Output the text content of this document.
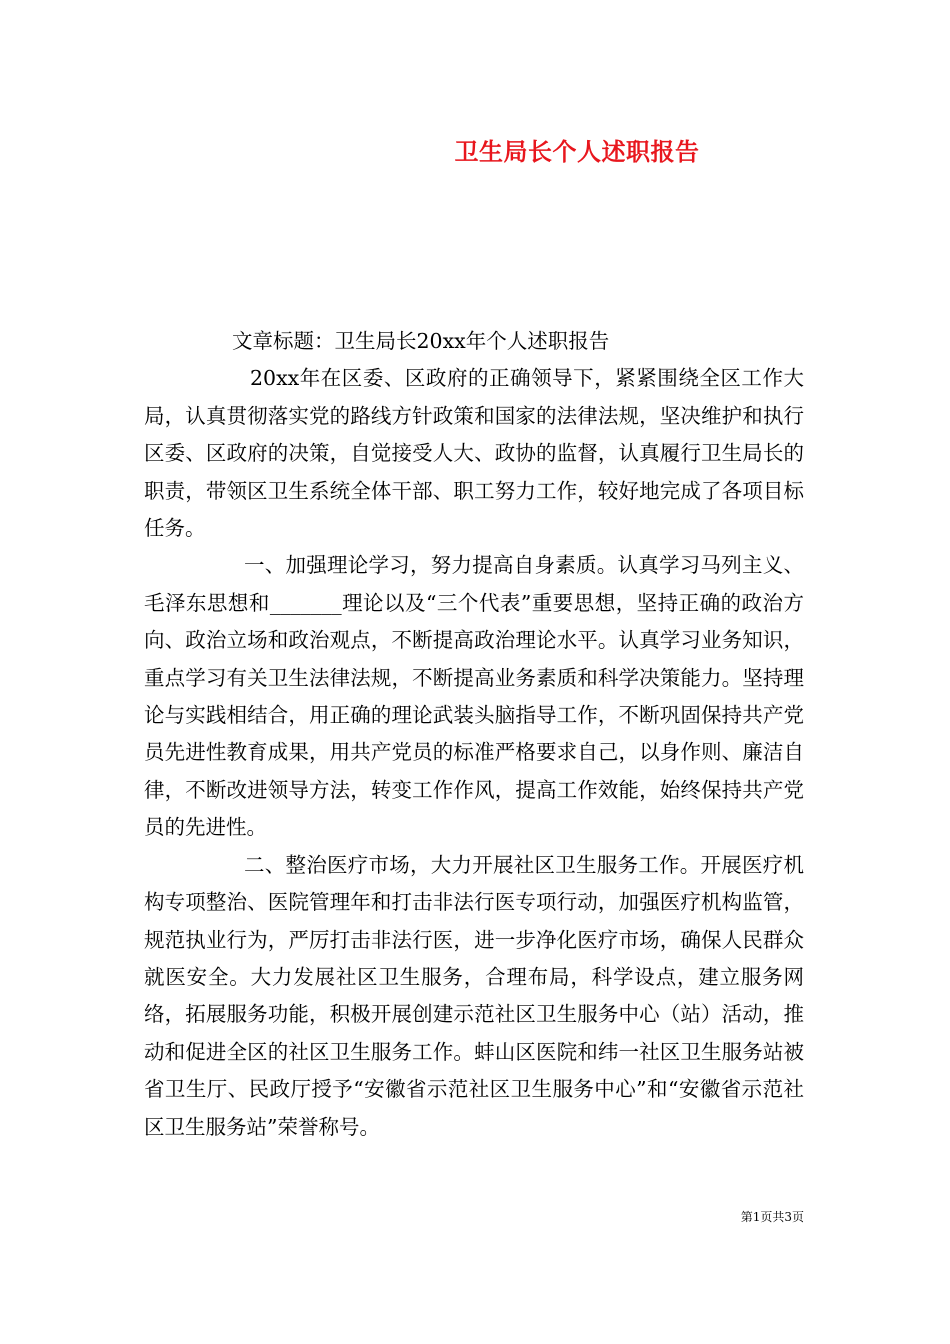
卫生局长个人述职报告

文章标题：卫生局长20xx年个人述职报告

20xx年在区委、区政府的正确领导下，紧紧围绕全区工作大局，认真贯彻落实党的路线方针政策和国家的法律法规，坚决维护和执行区委、区政府的决策，自觉接受人大、政协的监督，认真履行卫生局长的职责，带领区卫生系统全体干部、职工努力工作，较好地完成了各项目标任务。

一、加强理论学习，努力提高自身素质。认真学习马列主义、毛泽东思想和_______理论以及“三个代表”重要思想，坚持正确的政治方向、政治立场和政治观点，不断提高政治理论水平。认真学习业务知识，重点学习有关卫生法律法规，不断提高业务素质和科学决策能力。坚持理论与实践相结合，用正确的理论武装头脑指导工作，不断巩固保持共产党员先进性教育成果，用共产党员的标准严格要求自己，以身作则、廉洁自律，不断改进领导方法，转变工作作风，提高工作效能，始终保持共产党员的先进性。

二、整治医疗市场，大力开展社区卫生服务工作。开展医疗机构专项整治、医院管理年和打击非法行医专项行动，加强医疗机构监管，规范执业行为，严厉打击非法行医，进一步净化医疗市场，确保人民群众就医安全。大力发展社区卫生服务，合理布局，科学设点，建立服务网络，拓展服务功能，积极开展创建示范社区卫生服务中心（站）活动，推动和促进全区的社区卫生服务工作。蚌山区医院和纬一社区卫生服务站被省卫生厅、民政厅授予“安徽省示范社区卫生服务中心”和“安徽省示范社区卫生服务站”荣誉称号。

第1页共3页
